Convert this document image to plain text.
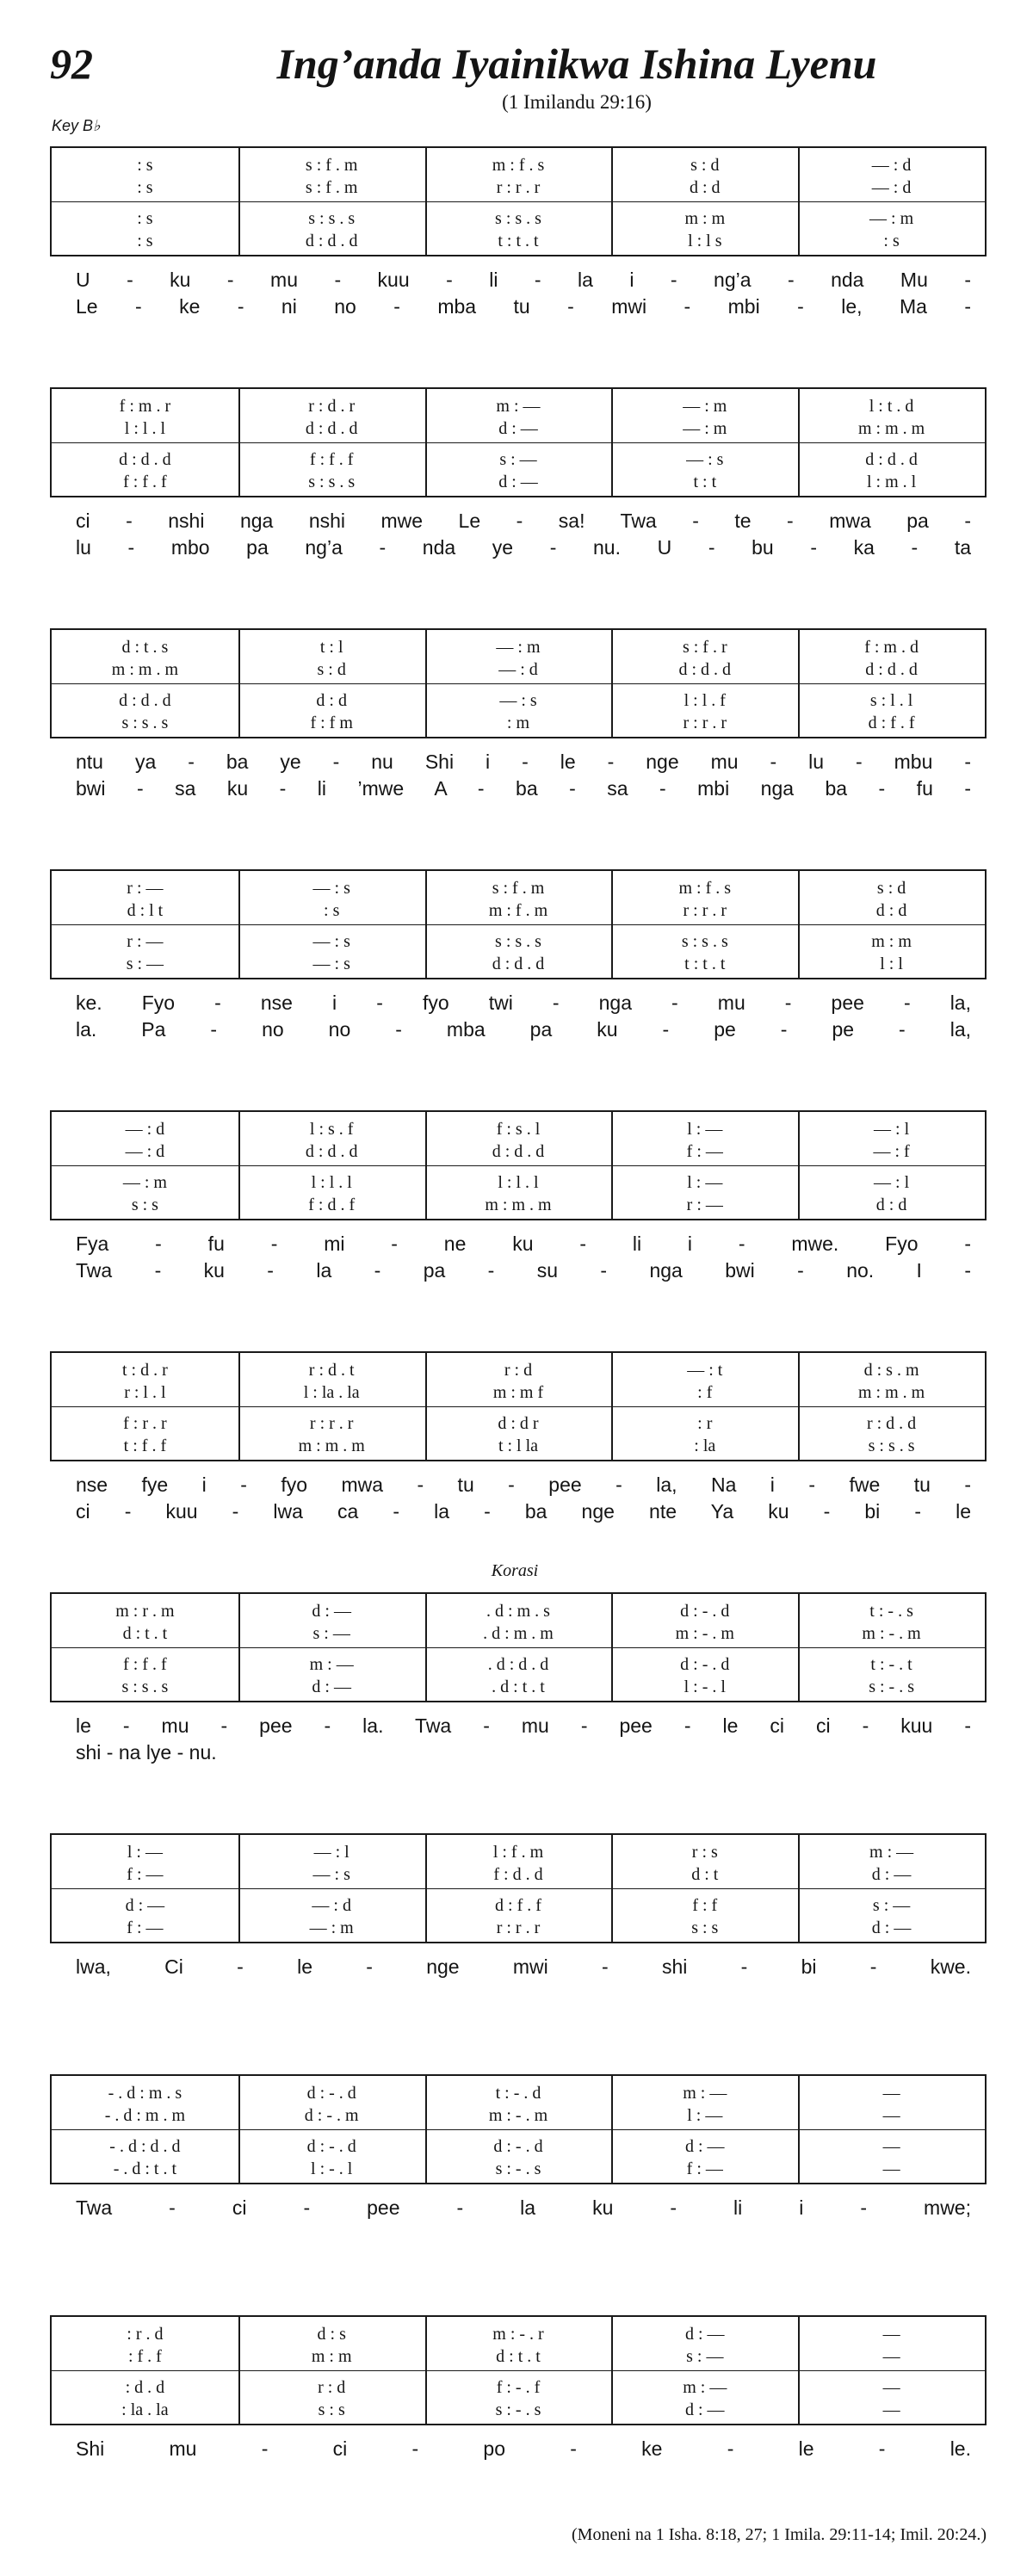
92	Ing’anda Iyainikwa Ishina Lyenu
(1 Imilandu 29:16)
Key B♭
: s	s : f . m	m : f . s	s : d	— : d
: s	s : f . m	r : r . r	d : d	— : d
: s	s : s . s	s : s . s	m : m	— : m
: s	d : d . d	t : t . t	l : l s	: s
U - ku - mu - kuu - li - la i - ng’a - nda Mu -
Le - ke - ni no - mba tu - mwi - mbi - le, Ma -
f : m . r	r : d . r	m : —	— : m	l : t . d
l : l . l	d : d . d	d : —	— : m	m : m . m
d : d . d	f : f . f	s : —	— : s	d : d . d
f : f . f	s : s . s	d : —	t : t	l : m . l
ci - nshi nga nshi mwe Le - sa! Twa - te - mwa pa -
lu - mbo pa ng’a - nda ye - nu. U - bu - ka - ta
d : t . s	t : l	— : m	s : f . r	f : m . d
m : m . m	s : d	— : d	d : d . d	d : d . d
d : d . d	d : d	— : s	l : l . f	s : l . l
s : s . s	f : f m	: m	r : r . r	d : f . f
ntu ya - ba ye - nu Shi i - le - nge mu - lu - mbu -
bwi - sa ku - li ’mwe A - ba - sa - mbi nga ba - fu -
r : —	— : s	s : f . m	m : f . s	s : d
d : l t	: s	m : f . m	r : r . r	d : d
r : —	— : s	s : s . s	s : s . s	m : m
s : —	— : s	d : d . d	t : t . t	l : l
ke. Fyo - nse i - fyo twi - nga - mu - pee - la,
la. Pa - no no - mba pa ku - pe - pe - la,
— : d	l : s . f	f : s . l	l : —	— : l
— : d	d : d . d	d : d . d	f : —	— : f
— : m	l : l . l	l : l . l	l : —	— : l
s : s	f : d . f	m : m . m	r : —	d : d
Fya - fu - mi - ne ku - li i - mwe. Fyo -
Twa - ku - la - pa - su - nga bwi - no. I -
t : d . r	r : d . t	r : d	— : t	d : s . m
r : l . l	l : la . la	m : m f	: f	m : m . m
f : r . r	r : r . r	d : d r	: r	r : d . d
t : f . f	m : m . m	t : l la	: la	s : s . s
nse fye i - fyo mwa - tu - pee - la, Na i - fwe tu -
ci - kuu - lwa ca - la - ba nge nte Ya ku - bi - le
Korasi
m : r . m	d : —	. d : m . s	d : - . d	t : - . s
d : t . t	s : —	. d : m . m	m : - . m	m : - . m
f : f . f	m : —	. d : d . d	d : - . d	t : - . t
s : s . s	d : —	. d : t . t	l : - . l	s : - . s
le - mu - pee - la. Twa - mu - pee - le ci ci - kuu -
shi - na lye - nu.
l : —	— : l	l : f . m	r : s	m : —
f : —	— : s	f : d . d	d : t	d : —
d : —	— : d	d : f . f	f : f	s : —
f : —	— : m	r : r . r	s : s	d : —
lwa, Ci - le - nge mwi - shi - bi - kwe.
- . d : m . s	d : - . d	t : - . d	m : —	—
- . d : m . m	d : - . m	m : - . m	l : —	—
- . d : d . d	d : - . d	d : - . d	d : —	—
- . d : t . t	l : - . l	s : - . s	f : —	—
Twa - ci - pee - la ku - li i - mwe;
: r . d	d : s	m : - . r	d : —	—
: f . f	m : m	d : t . t	s : —	—
: d . d	r : d	f : - . f	m : —	—
: la . la	s : s	s : - . s	d : —	—
Shi mu - ci - po - ke - le - le.
(Moneni na 1 Isha. 8:18, 27; 1 Imila. 29:11-14; Imil. 20:24.)
